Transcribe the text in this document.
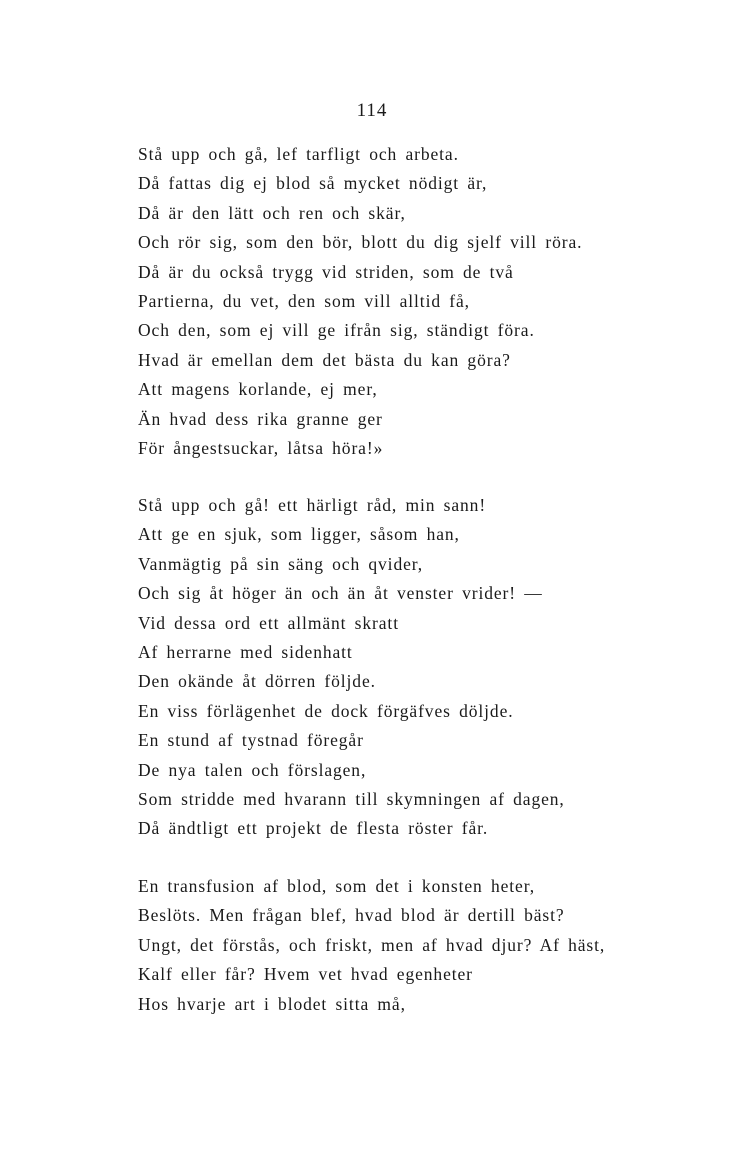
114
Stå upp och gå, lef tarfligt och arbeta.
Då fattas dig ej blod så mycket nödigt är,
Då är den lätt och ren och skär,
Och rör sig, som den bör, blott du dig sjelf vill röra.
Då är du också trygg vid striden, som de två
Partierna, du vet, den som vill alltid få,
Och den, som ej vill ge ifrån sig, ständigt föra.
Hvad är emellan dem det bästa du kan göra?
Att magens korlande, ej mer,
Än hvad dess rika granne ger
För ångestsuckar, låtsa höra!»
Stå upp och gå! ett härligt råd, min sann!
Att ge en sjuk, som ligger, såsom han,
Vanmägtig på sin säng och qvider,
Och sig åt höger än och än åt venster vrider! —
Vid dessa ord ett allmänt skratt
Af herrarne med sidenhatt
Den okände åt dörren följde.
En viss förlägenhet de dock förgäfves döljde.
En stund af tystnad föregår
De nya talen och förslagen,
Som stridde med hvarann till skymningen af dagen,
Då ändtligt ett projekt de flesta röster får.
En transfusion af blod, som det i konsten heter,
Beslöts. Men frågan blef, hvad blod är dertill bäst?
Ungt, det förstås, och friskt, men af hvad djur? Af häst,
Kalf eller får? Hvem vet hvad egenheter
Hos hvarje art i blodet sitta må,
